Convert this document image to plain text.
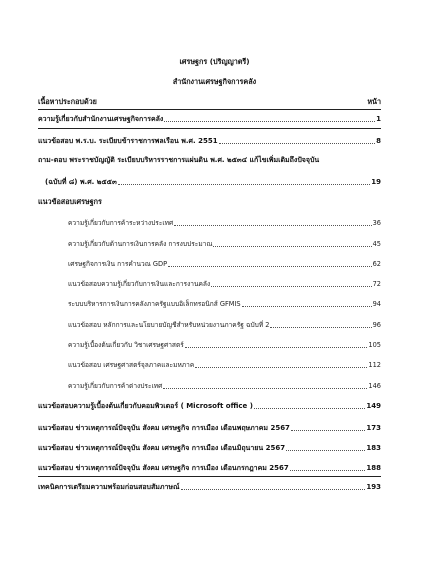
เศรษฐกร (ปริญญาตรี)
สำนักงานเศรษฐกิจการคลัง
เนื้อหาประกอบด้วย	หน้า
ความรู้เกี่ยวกับสำนักงานเศรษฐกิจการคลัง	1
แนวข้อสอบ พ.ร.บ. ระเบียบข้าราชการพลเรือน พ.ศ. 2551	8
ถาม-ตอบ พระราชบัญญัติ ระเบียบบริหารราชการแผ่นดิน พ.ศ. ๒๕๓๔ แก้ไขเพิ่มเติมถึงปัจจุบัน
(ฉบับที่ ๘) พ.ศ. ๒๕๕๓	19
แนวข้อสอบเศรษฐกร
ความรู้เกี่ยวกับการค้าระหว่างประเทศ	36
ความรู้เกี่ยวกับด้านการเงินการคลัง การงบประมาณ	45
เศรษฐกิจการเงิน การคำนวณ GDP	62
แนวข้อสอบความรู้เกี่ยวกับการเงินและการงานคลัง	72
ระบบบริหารการเงินการคลังภาครัฐแบบอิเล็กทรอนิกส์ GFMIS	94
แนวข้อสอบ หลักการและนโยบายบัญชีสำหรับหน่วยงานภาครัฐ ฉบับที่ 2	96
ความรู้เบื้องต้นเกี่ยวกับ วิชาเศรษฐศาสตร์	105
แนวข้อสอบ เศรษฐศาสตร์จุลภาคและมหภาค	112
ความรู้เกี่ยวกับการค้าต่างประเทศ	146
แนวข้อสอบความรู้เบื้องต้นเกี่ยวกับคอมพิวเตอร์ ( Microsoft office )	149
แนวข้อสอบ ข่าวเหตุการณ์ปัจจุบัน สังคม เศรษฐกิจ การเมือง เดือนพฤษภาคม 2567	173
แนวข้อสอบ ข่าวเหตุการณ์ปัจจุบัน สังคม เศรษฐกิจ การเมือง เดือนมิถุนายน 2567	183
แนวข้อสอบ ข่าวเหตุการณ์ปัจจุบัน สังคม เศรษฐกิจ การเมือง เดือนกรกฎาคม 2567	188
เทคนิคการเตรียมความพร้อมก่อนสอบสัมภาษณ์	193
